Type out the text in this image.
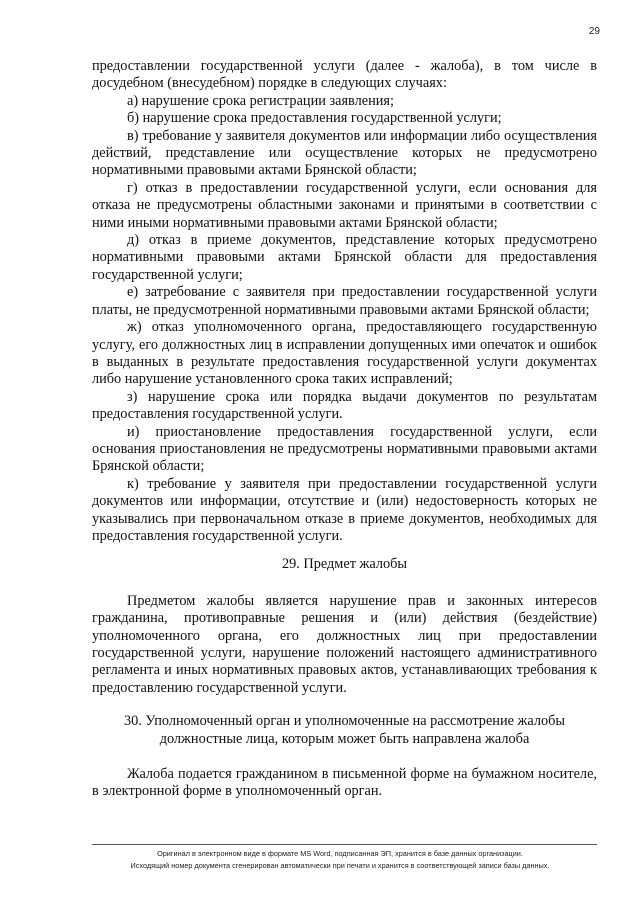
29

предоставлении государственной услуги (далее - жалоба), в том числе в досудебном (внесудебном) порядке в следующих случаях:

а) нарушение срока регистрации заявления;

б) нарушение срока предоставления государственной услуги;

в) требование у заявителя документов или информации либо осуществления действий, представление или осуществление которых не предусмотрено нормативными правовыми актами Брянской области;

г) отказ в предоставлении государственной услуги, если основания для отказа не предусмотрены областными законами и принятыми в соответствии с ними иными нормативными правовыми актами Брянской области;

д) отказ в приеме документов, представление которых предусмотрено нормативными правовыми актами Брянской области для предоставления государственной услуги;

е) затребование с заявителя при предоставлении государственной услуги платы, не предусмотренной нормативными правовыми актами Брянской области;

ж) отказ уполномоченного органа, предоставляющего государственную услугу, его должностных лиц в исправлении допущенных ими опечаток и ошибок в выданных в результате предоставления государственной услуги документах либо нарушение установленного срока таких исправлений;

з) нарушение срока или порядка выдачи документов по результатам предоставления государственной услуги.

и) приостановление предоставления государственной услуги, если основания приостановления не предусмотрены нормативными правовыми актами Брянской области;

к) требование у заявителя при предоставлении государственной услуги документов или информации, отсутствие и (или) недостоверность которых не указывались при первоначальном отказе в приеме документов, необходимых для предоставления государственной услуги.

29. Предмет жалобы

Предметом жалобы является нарушение прав и законных интересов гражданина, противоправные решения и (или) действия (бездействие) уполномоченного органа, его должностных лиц при предоставлении государственной услуги, нарушение положений настоящего административного регламента и иных нормативных правовых актов, устанавливающих требования к предоставлению государственной услуги.

30. Уполномоченный орган и уполномоченные на рассмотрение жалобы

должностные лица, которым может быть направлена жалоба

Жалоба подается гражданином в письменной форме на бумажном носителе, в электронной форме в уполномоченный орган.

Оригинал в электронном виде в формате MS Word, подписанная ЭП, хранится в базе данных организации.

Исходящий номер документа сгенерирован автоматически при печати и хранится в соответствующей записи базы данных.
